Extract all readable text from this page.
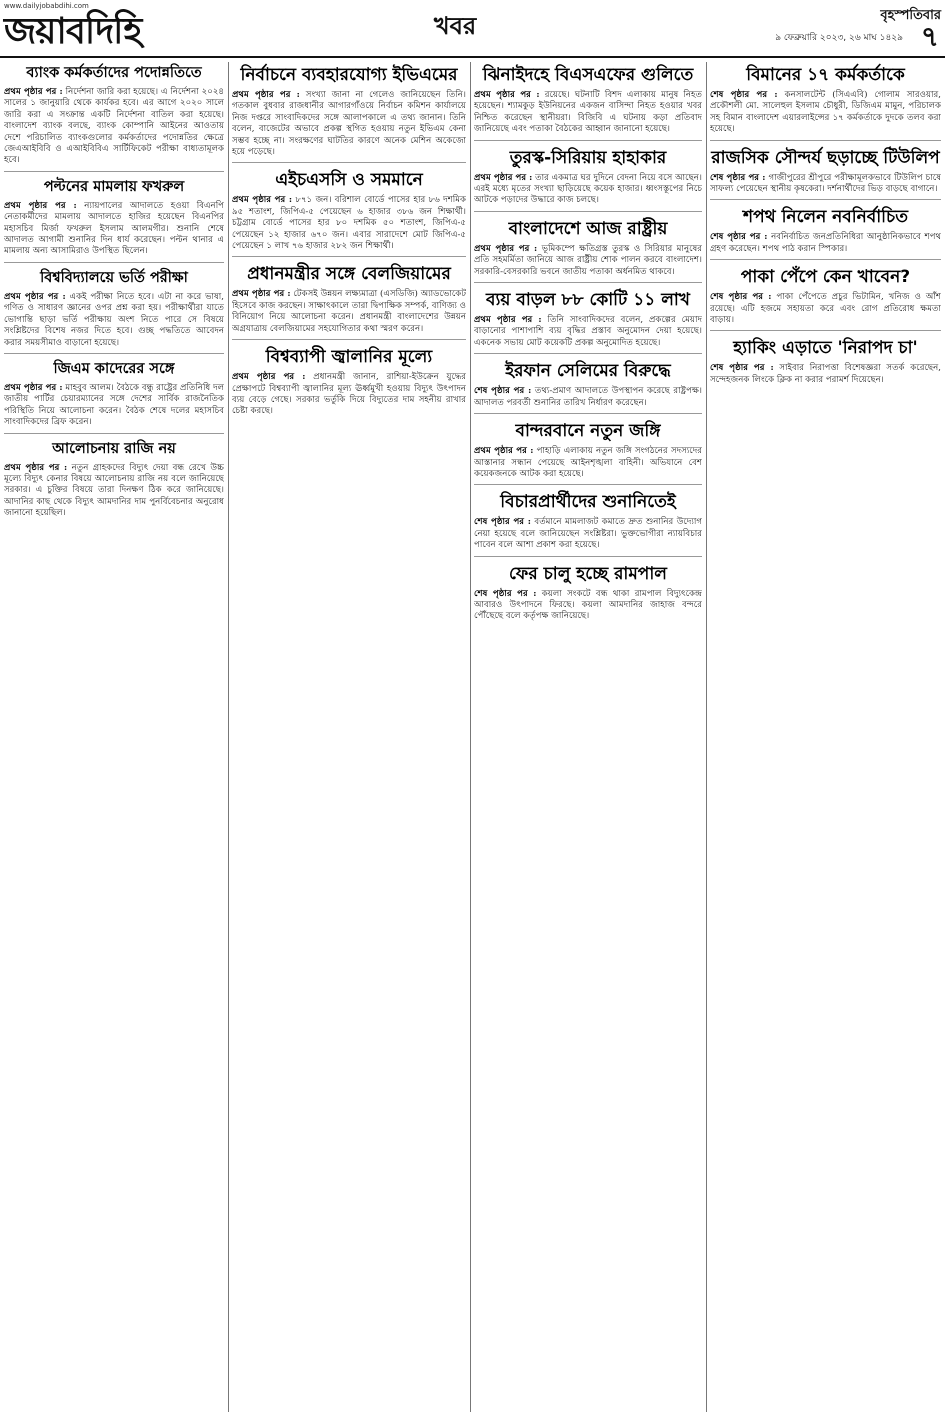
www.dailyjobabdihi.com
জয়াবদিহি	খবর	বৃহস্পতিবার
৯ ফেব্রুয়ারি ২০২৩, ২৬ মাঘ ১৪২৯ ৭
ব্যাংক কর্মকর্তাদের পদোন্নতিতে

প্রথম পৃষ্ঠার পর : নির্দেশনা জারি করা হয়েছে। এ নির্দেশনা ২০২৪ সালের ১ জানুয়ারি থেকে কার্যকর হবে। এর আগে ২০২০ সালে জারি করা এ সংক্রান্ত একটি নির্দেশনা বাতিল করা হয়েছে। বাংলাদেশ ব্যাংক বলছে, ব্যাংক কোম্পানি আইনের আওতায় দেশে পরিচালিত ব্যাংকগুলোর কর্মকর্তাদের পদোন্নতির ক্ষেত্রে জেএআইবিবি ও এআইবিবিএ সার্টিফিকেট পরীক্ষা বাধ্যতামূলক হবে।

পল্টনের মামলায় ফখরুল

প্রথম পৃষ্ঠার পর : ন্যায়পালের আদালতে হওয়া বিএনপি নেতাকর্মীদের মামলায় আদালতে হাজির হয়েছেন বিএনপির মহাসচিব মির্জা ফখরুল ইসলাম আলমগীর। শুনানি শেষে আদালত আগামী শুনানির দিন ধার্য করেছেন। পল্টন থানার এ মামলায় অন্য আসামিরাও উপস্থিত ছিলেন।

বিশ্ববিদ্যালয়ে ভর্তি পরীক্ষা

প্রথম পৃষ্ঠার পর : একই পরীক্ষা নিতে হবে। এটা না করে ভাষা, গণিত ও সাধারণ জ্ঞানের ওপর প্রশ্ন করা হয়। পরীক্ষার্থীরা যাতে ভোগান্তি ছাড়া ভর্তি পরীক্ষায় অংশ নিতে পারে সে বিষয়ে সংশ্লিষ্টদের বিশেষ নজর দিতে হবে। গুচ্ছ পদ্ধতিতে আবেদন করার সময়সীমাও বাড়ানো হয়েছে।

জিএম কাদেরের সঙ্গে

প্রথম পৃষ্ঠার পর : মাহবুব আলম। বৈঠকে বন্ধু রাষ্ট্রের প্রতিনিধি দল জাতীয় পার্টির চেয়ারম্যানের সঙ্গে দেশের সার্বিক রাজনৈতিক পরিস্থিতি নিয়ে আলোচনা করেন। বৈঠক শেষে দলের মহাসচিব সাংবাদিকদের ব্রিফ করেন।

আলোচনায় রাজি নয়

প্রথম পৃষ্ঠার পর : নতুন গ্রাহকদের বিদ্যুৎ দেয়া বন্ধ রেখে উচ্চ মূল্যে বিদ্যুৎ কেনার বিষয়ে আলোচনায় রাজি নয় বলে জানিয়েছে সরকার। এ চুক্তির বিষয়ে তারা দিনক্ষণ ঠিক করে জানিয়েছে। আদানির কাছ থেকে বিদ্যুৎ আমদানির দাম পুনর্বিবেচনার অনুরোধ জানানো হয়েছিল।

নির্বাচনে ব্যবহারযোগ্য ইভিএমের

প্রথম পৃষ্ঠার পর : সংখ্যা জানা না গেলেও জানিয়েছেন তিনি। গতকাল বুধবার রাজধানীর আগারগাঁওয়ে নির্বাচন কমিশন কার্যালয়ে নিজ দপ্তরে সাংবাদিকদের সঙ্গে আলাপকালে এ তথ্য জানান। তিনি বলেন, বাজেটের অভাবে প্রকল্প স্থগিত হওয়ায় নতুন ইভিএম কেনা সম্ভব হচ্ছে না। সংরক্ষণের ঘাটতির কারণে অনেক মেশিন অকেজো হয়ে পড়েছে।

এইচএসসি ও সমমানে

প্রথম পৃষ্ঠার পর : ৮৭১ জন। বরিশাল বোর্ডে পাসের হার ৮৬ দশমিক ৯৫ শতাংশ, জিপিএ-৫ পেয়েছেন ৬ হাজার ৩৮৬ জন শিক্ষার্থী। চট্টগ্রাম বোর্ডে পাসের হার ৮০ দশমিক ৫০ শতাংশ, জিপিএ-৫ পেয়েছেন ১২ হাজার ৬৭০ জন। এবার সারাদেশে মোট জিপিএ-৫ পেয়েছেন ১ লাখ ৭৬ হাজার ২৮২ জন শিক্ষার্থী।

প্রধানমন্ত্রীর সঙ্গে বেলজিয়ামের

প্রথম পৃষ্ঠার পর : টেকসই উন্নয়ন লক্ষ্যমাত্রা (এসডিজি) অ্যাডভোকেট হিসেবে কাজ করছেন। সাক্ষাৎকালে তারা দ্বিপাক্ষিক সম্পর্ক, বাণিজ্য ও বিনিয়োগ নিয়ে আলোচনা করেন। প্রধানমন্ত্রী বাংলাদেশের উন্নয়ন অগ্রযাত্রায় বেলজিয়ামের সহযোগিতার কথা স্মরণ করেন।

বিশ্বব্যাপী জ্বালানির মূল্যে

প্রথম পৃষ্ঠার পর : প্রধানমন্ত্রী জানান, রাশিয়া-ইউক্রেন যুদ্ধের প্রেক্ষাপটে বিশ্বব্যাপী জ্বালানির মূল্য ঊর্ধ্বমুখী হওয়ায় বিদ্যুৎ উৎপাদন ব্যয় বেড়ে গেছে। সরকার ভর্তুকি দিয়ে বিদ্যুতের দাম সহনীয় রাখার চেষ্টা করছে।

ঝিনাইদহে বিএসএফের গুলিতে

প্রথম পৃষ্ঠার পর : রয়েছে। ঘটনাটি বিশদ এলাকায় মানুষ নিহত হয়েছেন। শ্যামকুড় ইউনিয়নের একজন বাসিন্দা নিহত হওয়ার খবর নিশ্চিত করেছেন স্থানীয়রা। বিজিবি এ ঘটনায় কড়া প্রতিবাদ জানিয়েছে এবং পতাকা বৈঠকের আহ্বান জানানো হয়েছে।

তুরস্ক-সিরিয়ায় হাহাকার

প্রথম পৃষ্ঠার পর : তার একমাত্র ঘর দুদিনে বেদনা নিয়ে বসে আছেন। এরই মধ্যে মৃতের সংখ্যা ছাড়িয়েছে কয়েক হাজার। ধ্বংসস্তূপের নিচে আটকে পড়াদের উদ্ধারে কাজ চলছে।

বাংলাদেশে আজ রাষ্ট্রীয়

প্রথম পৃষ্ঠার পর : ভূমিকম্পে ক্ষতিগ্রস্ত তুরস্ক ও সিরিয়ার মানুষের প্রতি সহমর্মিতা জানিয়ে আজ রাষ্ট্রীয় শোক পালন করবে বাংলাদেশ। সরকারি-বেসরকারি ভবনে জাতীয় পতাকা অর্ধনমিত থাকবে।

ব্যয় বাড়ল ৮৮ কোটি ১১ লাখ

প্রথম পৃষ্ঠার পর : তিনি সাংবাদিকদের বলেন, প্রকল্পের মেয়াদ বাড়ানোর পাশাপাশি ব্যয় বৃদ্ধির প্রস্তাব অনুমোদন দেয়া হয়েছে। একনেক সভায় মোট কয়েকটি প্রকল্প অনুমোদিত হয়েছে।

ইরফান সেলিমের বিরুদ্ধে

শেষ পৃষ্ঠার পর : তথ্য-প্রমাণ আদালতে উপস্থাপন করেছে রাষ্ট্রপক্ষ। আদালত পরবর্তী শুনানির তারিখ নির্ধারণ করেছেন।

বান্দরবানে নতুন জঙ্গি

প্রথম পৃষ্ঠার পর : পাহাড়ি এলাকায় নতুন জঙ্গি সংগঠনের সদস্যদের আস্তানার সন্ধান পেয়েছে আইনশৃঙ্খলা বাহিনী। অভিযানে বেশ কয়েকজনকে আটক করা হয়েছে।

বিচারপ্রার্থীদের শুনানিতেই

শেষ পৃষ্ঠার পর : বর্তমানে মামলাজট কমাতে দ্রুত শুনানির উদ্যোগ নেয়া হয়েছে বলে জানিয়েছেন সংশ্লিষ্টরা। ভুক্তভোগীরা ন্যায়বিচার পাবেন বলে আশা প্রকাশ করা হয়েছে।

ফের চালু হচ্ছে রামপাল

শেষ পৃষ্ঠার পর : কয়লা সংকটে বন্ধ থাকা রামপাল বিদ্যুৎকেন্দ্র আবারও উৎপাদনে ফিরছে। কয়লা আমদানির জাহাজ বন্দরে পৌঁছেছে বলে কর্তৃপক্ষ জানিয়েছে।

বিমানের ১৭ কর্মকর্তাকে

শেষ পৃষ্ঠার পর : কনসালটেন্ট (সিএএবি) গোলাম সারওয়ার, প্রকৌশলী মো. সালেহুল ইসলাম চৌধুরী, ডিজিএম মামুন, পরিচালক সহ বিমান বাংলাদেশ এয়ারলাইন্সের ১৭ কর্মকর্তাকে দুদকে তলব করা হয়েছে।

রাজসিক সৌন্দর্য ছড়াচ্ছে টিউলিপ

শেষ পৃষ্ঠার পর : গাজীপুরের শ্রীপুরে পরীক্ষামূলকভাবে টিউলিপ চাষে সাফল্য পেয়েছেন স্থানীয় কৃষকেরা। দর্শনার্থীদের ভিড় বাড়ছে বাগানে।

শপথ নিলেন নবনির্বাচিত

শেষ পৃষ্ঠার পর : নবনির্বাচিত জনপ্রতিনিধিরা আনুষ্ঠানিকভাবে শপথ গ্রহণ করেছেন। শপথ পাঠ করান স্পিকার।

পাকা পেঁপে কেন খাবেন?

শেষ পৃষ্ঠার পর : পাকা পেঁপেতে প্রচুর ভিটামিন, খনিজ ও আঁশ রয়েছে। এটি হজমে সহায়তা করে এবং রোগ প্রতিরোধ ক্ষমতা বাড়ায়।

হ্যাকিং এড়াতে 'নিরাপদ চা'

শেষ পৃষ্ঠার পর : সাইবার নিরাপত্তা বিশেষজ্ঞরা সতর্ক করেছেন, সন্দেহজনক লিংকে ক্লিক না করার পরামর্শ দিয়েছেন।
